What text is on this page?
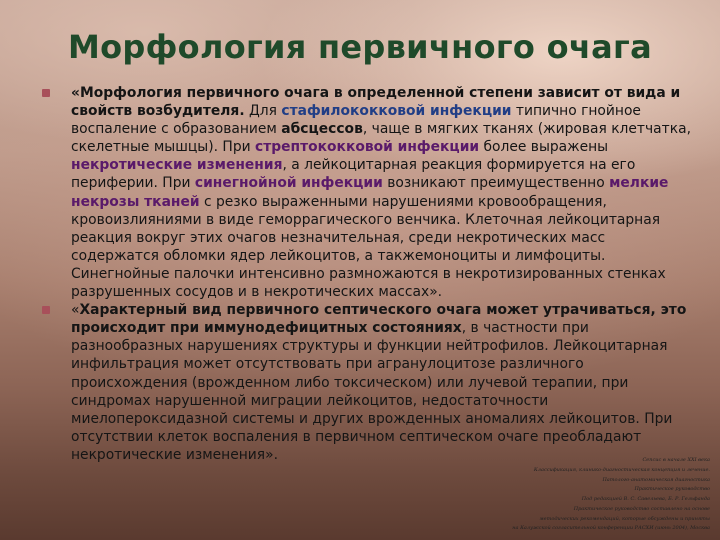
Морфология первичного очага
«Морфология первичного очага в определенной степени зависит от вида и свойств возбудителя. Для стафилококковой инфекции типично гнойное воспаление с образованием абсцессов, чаще в мягких тканях (жировая клетчатка, скелетные мышцы). При стрептококковой инфекции более выражены некротические изменения, а лейкоцитарная реакция формируется на его периферии. При синегнойной инфекции возникают преимущественно мелкие некрозы тканей с резко выраженными нарушениями кровообращения, кровоизлияниями в виде геморрагического венчика. Клеточная лейкоцитарная реакция вокруг этих очагов незначительная, среди некротических масс содержатся обломки ядер лейкоцитов, а такжемоноциты и лимфоциты. Синегнойные палочки интенсивно размножаются в некротизированных стенках разрушенных сосудов и в некротических массах».
«Характерный вид первичного септического очага может утрачиваться, это происходит при иммунодефицитных состояниях, в частности при разнообразных нарушениях структуры и функции нейтрофилов. Лейкоцитарная инфильтрация может отсутствовать при агранулоцитозе различного происхождения (врожденном либо токсическом) или лучевой терапии, при синдромах нарушенной миграции лейкоцитов, недостаточности миелопероксидазной системы и других врожденных аномалиях лейкоцитов. При отсутствии клеток воспаления в первичном септическом очаге преобладают некротические изменения».	Сепсис в начале XXI века
Классификация, клинико-диагностическая концепция и лечение.
Патолого-анатомическая диагностика
Практическое руководство
Под редакцией В. С. Савельева, Б. Р. Гельфанда
Практическое руководство составлено на основе
методических рекомендаций, которые обсуждены и приняты
на Калужской согласительной конференции РАСХИ (июнь 2004), Москва
